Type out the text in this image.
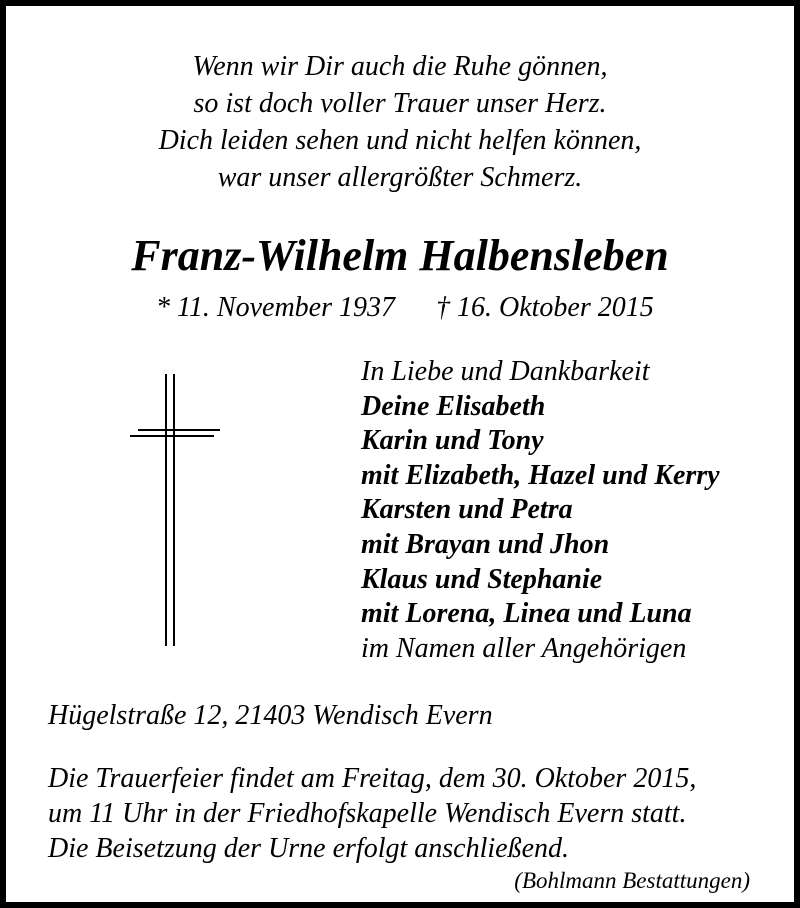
Wenn wir Dir auch die Ruhe gönnen,
so ist doch voller Trauer unser Herz.
Dich leiden sehen und nicht helfen können,
war unser allergrößter Schmerz.
Franz-Wilhelm Halbensleben
* 11. November 1937 † 16. Oktober 2015
In Liebe und Dankbarkeit
Deine Elisabeth
Karin und Tony
mit Elizabeth, Hazel und Kerry
Karsten und Petra
mit Brayan und Jhon
Klaus und Stephanie
mit Lorena, Linea und Luna
im Namen aller Angehörigen
Hügelstraße 12, 21403 Wendisch Evern
Die Trauerfeier findet am Freitag, dem 30. Oktober 2015,
um 11 Uhr in der Friedhofskapelle Wendisch Evern statt.
Die Beisetzung der Urne erfolgt anschließend.
(Bohlmann Bestattungen)
